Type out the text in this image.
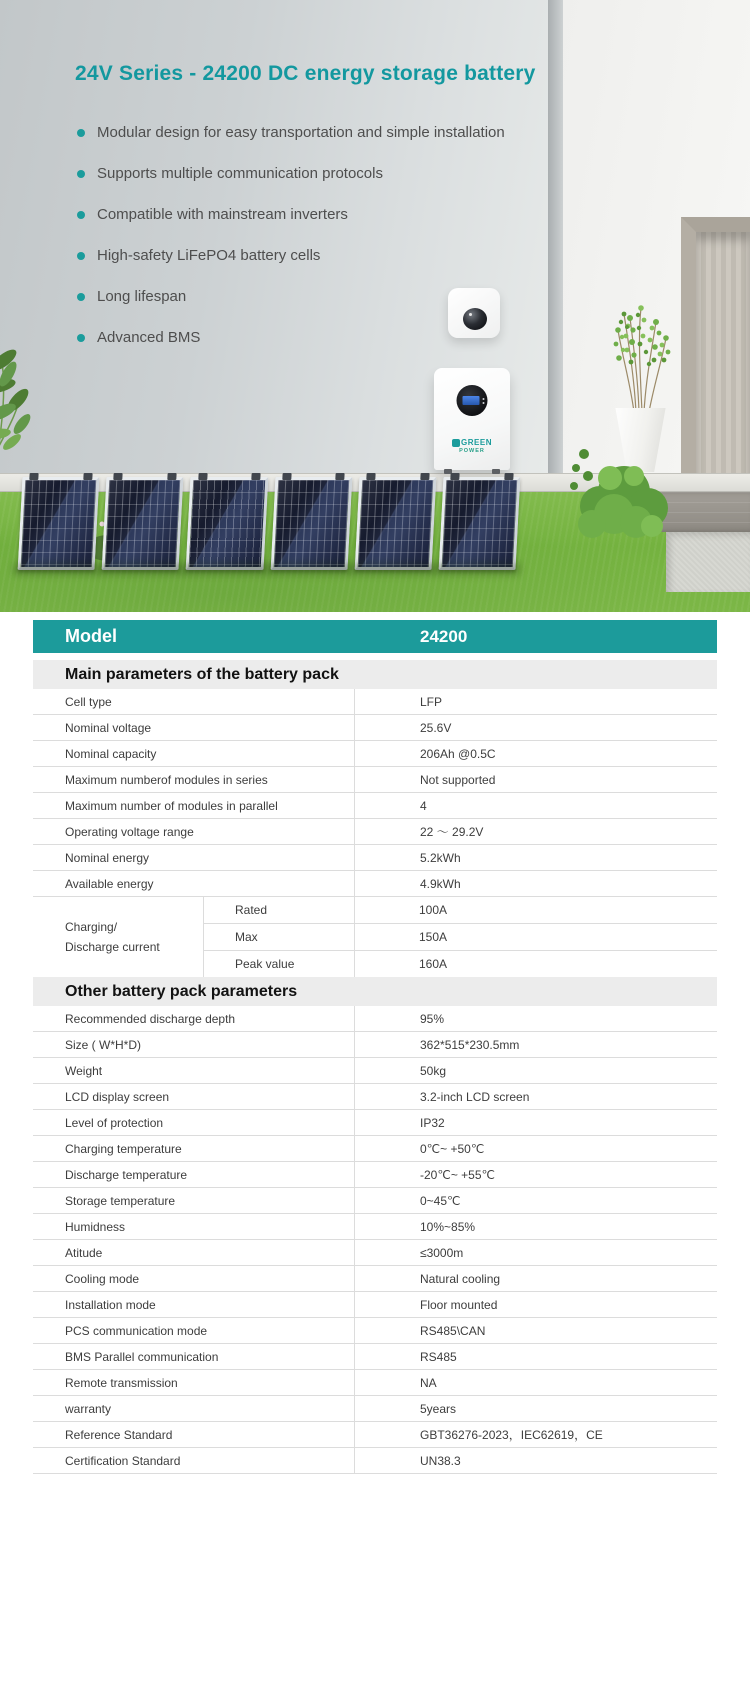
GREEN
POWER
24V Series - 24200 DC energy storage battery
Modular design for easy transportation and simple installation
Supports multiple communication protocols
Compatible with mainstream inverters
High-safety LiFePO4 battery cells
Long lifespan
Advanced BMS
Model	24200
Main parameters of the battery pack
Cell type	LFP
Nominal voltage	25.6V
Nominal capacity	206Ah @0.5C
Maximum numberof modules in series	Not supported
Maximum number of modules in parallel	4
Operating voltage range	22 ～ 29.2V
Nominal energy	5.2kWh
Available energy	4.9kWh
Charging/
Discharge current
Rated	100A
Max	150A
Peak value	160A
Other battery pack parameters
Recommended discharge depth	95%
Size ( W*H*D)	362*515*230.5mm
Weight	50kg
LCD display screen	3.2-inch LCD screen
Level of protection	IP32
Charging temperature	0℃~ +50℃
Discharge temperature	-20℃~ +55℃
Storage temperature	0~45℃
Humidness	10%~85%
Atitude	≤3000m
Cooling mode	Natural cooling
Installation mode	Floor mounted
PCS communication mode	RS485\CAN
BMS Parallel communication	RS485
Remote transmission	NA
warranty	5years
Reference Standard	GBT36276-2023，IEC62619，CE
Certification Standard	UN38.3
